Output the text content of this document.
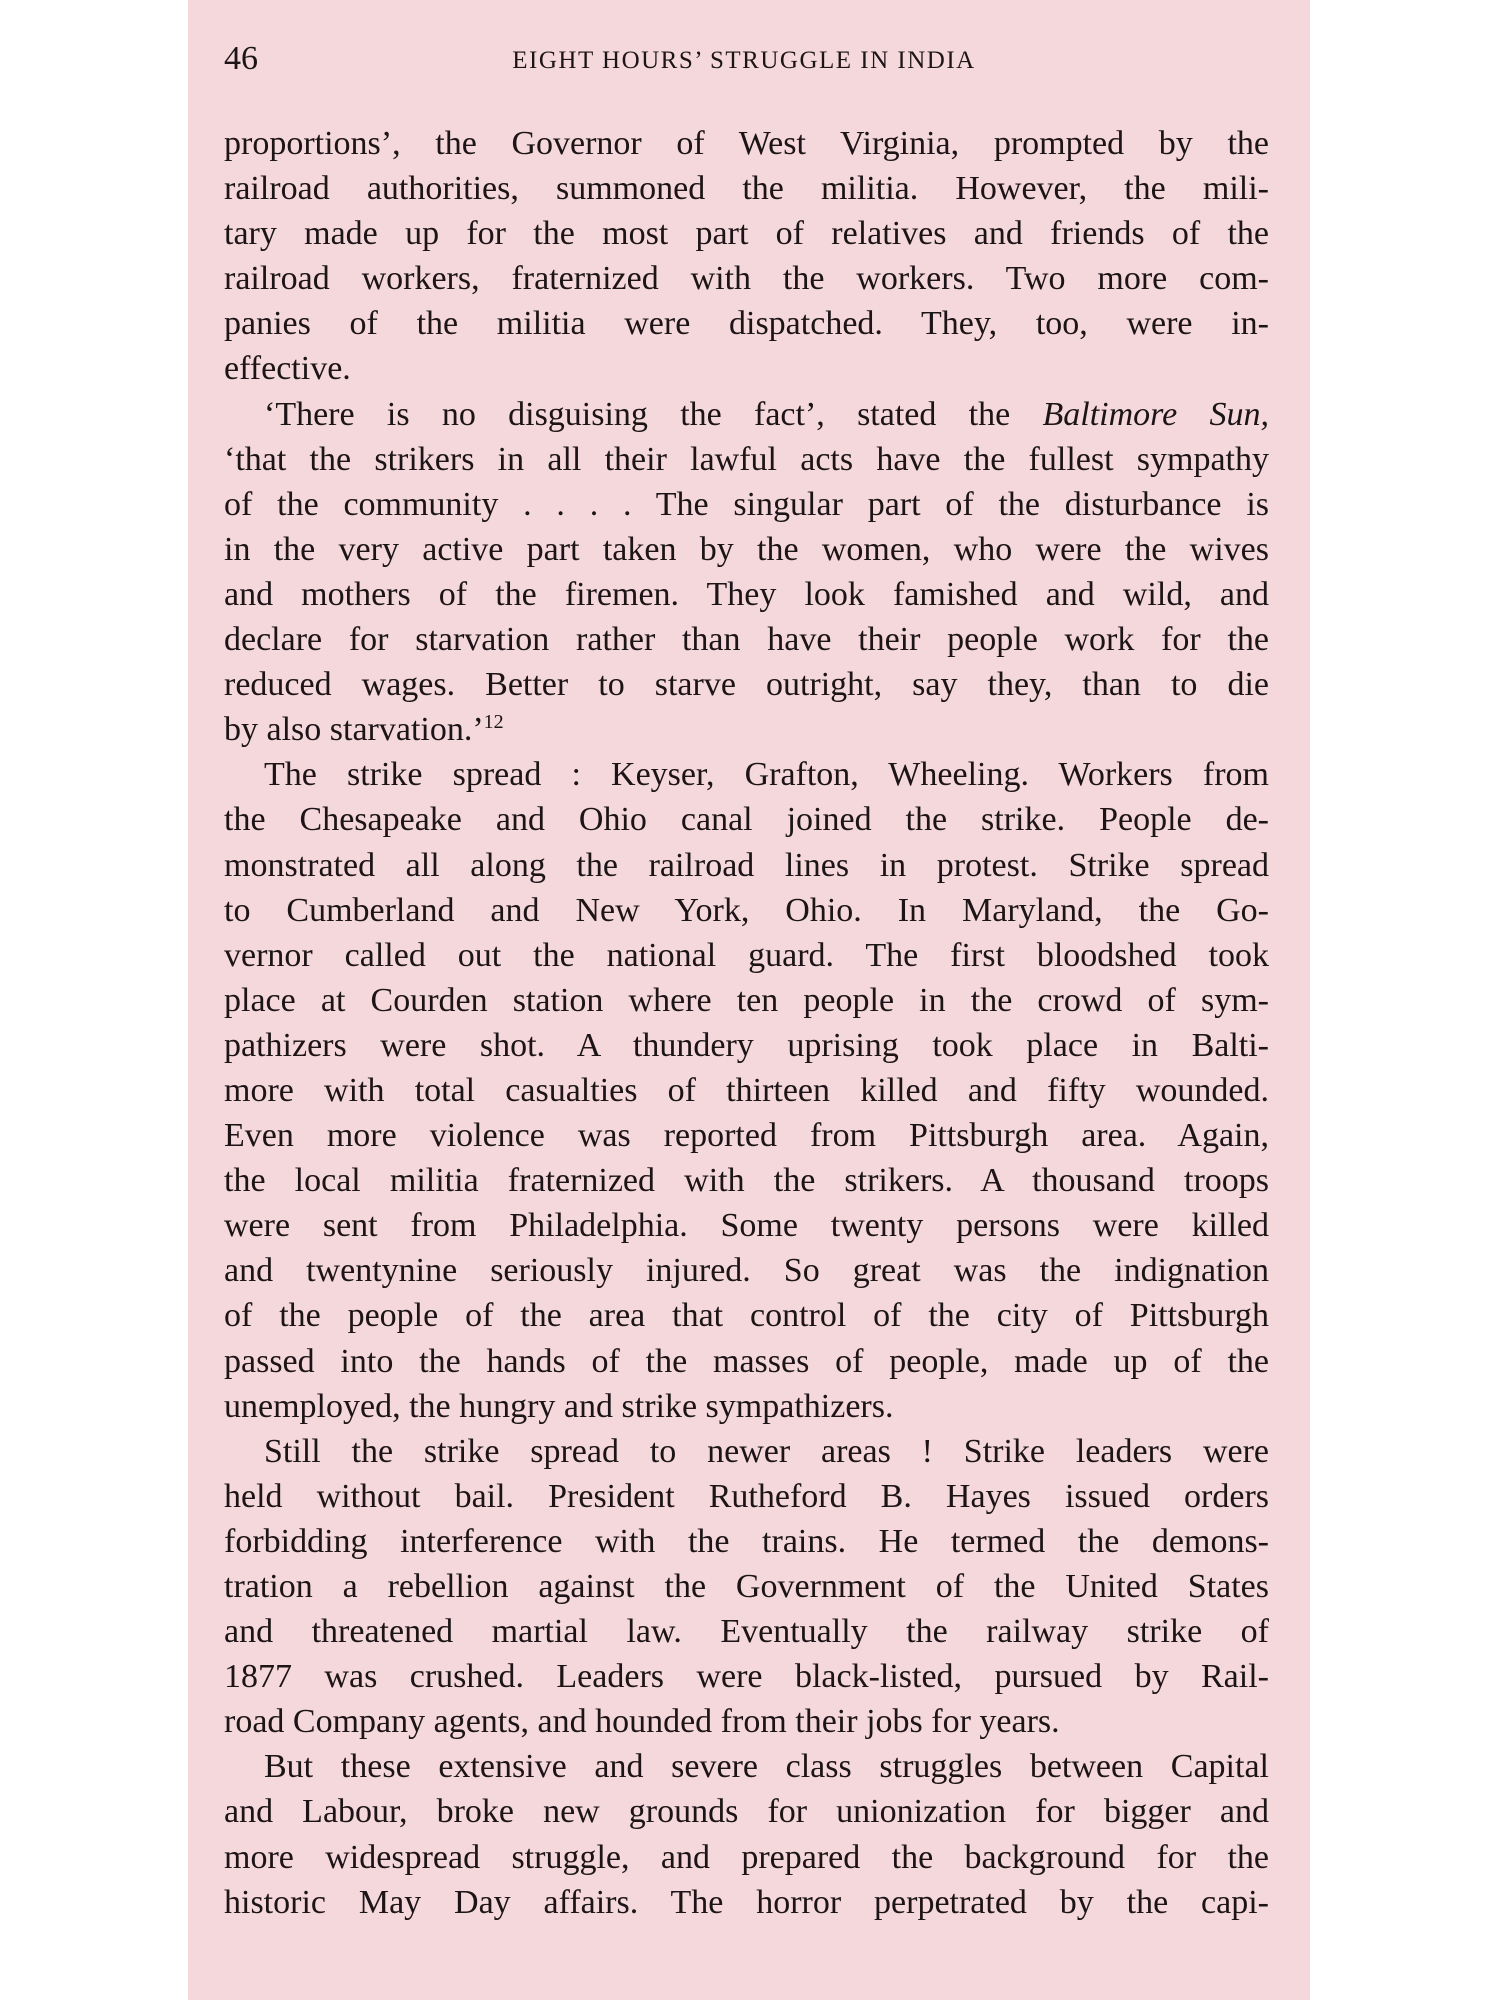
46	EIGHT HOURS’ STRUGGLE IN INDIA
proportions’, the Governor of West Virginia, prompted by the
railroad authorities, summoned the militia. However, the mili-
tary made up for the most part of relatives and friends of the
railroad workers, fraternized with the workers. Two more com-
panies of the militia were dispatched. They, too, were in-
effective.
‘There is no disguising the fact’, stated the Baltimore Sun,
‘that the strikers in all their lawful acts have the fullest sympathy
of the community . . . . The singular part of the disturbance is
in the very active part taken by the women, who were the wives
and mothers of the firemen. They look famished and wild, and
declare for starvation rather than have their people work for the
reduced wages. Better to starve outright, say they, than to die
by also starvation.’$^{12}$
The strike spread : Keyser, Grafton, Wheeling. Workers from
the Chesapeake and Ohio canal joined the strike. People de-
monstrated all along the railroad lines in protest. Strike spread
to Cumberland and New York, Ohio. In Maryland, the Go-
vernor called out the national guard. The first bloodshed took
place at Courden station where ten people in the crowd of sym-
pathizers were shot. A thundery uprising took place in Balti-
more with total casualties of thirteen killed and fifty wounded.
Even more violence was reported from Pittsburgh area. Again,
the local militia fraternized with the strikers. A thousand troops
were sent from Philadelphia. Some twenty persons were killed
and twentynine seriously injured. So great was the indignation
of the people of the area that control of the city of Pittsburgh
passed into the hands of the masses of people, made up of the
unemployed, the hungry and strike sympathizers.
Still the strike spread to newer areas ! Strike leaders were
held without bail. President Rutheford B. Hayes issued orders
forbidding interference with the trains. He termed the demons-
tration a rebellion against the Government of the United States
and threatened martial law. Eventually the railway strike of
1877 was crushed. Leaders were black-listed, pursued by Rail-
road Company agents, and hounded from their jobs for years.
But these extensive and severe class struggles between Capital
and Labour, broke new grounds for unionization for bigger and
more widespread struggle, and prepared the background for the
historic May Day affairs. The horror perpetrated by the capi-
